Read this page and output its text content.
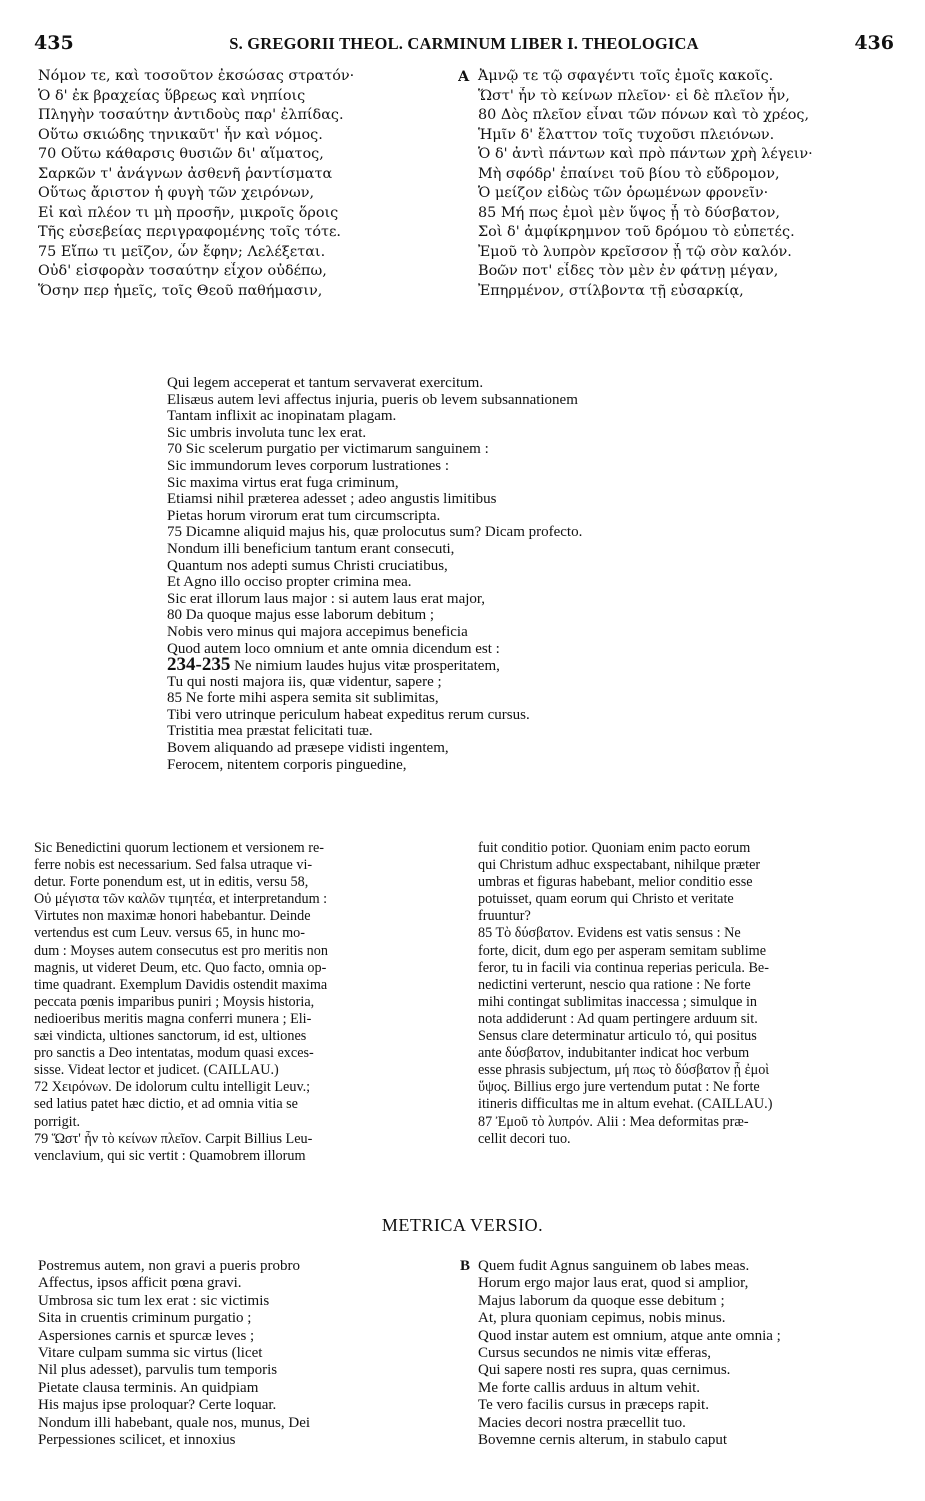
435	S. GREGORII THEOL. CARMINUM LIBER I. THEOLOGICA	436
Νόμον τε, καὶ τοσοῦτον ἐκσώσας στρατόν·
Ὁ δ' ἐκ βραχείας ὕβρεως καὶ νηπίοις
Πληγὴν τοσαύτην ἀντιδοὺς παρ' ἐλπίδας.
Οὕτω σκιώδης τηνικαῦτ' ἦν καὶ νόμος.
70 Οὕτω κάθαρσις θυσιῶν δι' αἵματος,
Σαρκῶν τ' ἀνάγνων ἀσθενῆ ῥαντίσματα
Οὕτως ἄριστον ἡ φυγὴ τῶν χειρόνων,
Εἰ καὶ πλέον τι μὴ προσῆν, μικροῖς ὅροις
Τῆς εὐσεβείας περιγραφομένης τοῖς τότε.
75 Εἴπω τι μεῖζον, ὧν ἔφην; Λελέξεται.
Οὐδ' εἰσφορὰν τοσαύτην εἶχον οὐδέπω,
Ὅσην περ ἡμεῖς, τοῖς Θεοῦ παθήμασιν,
A Ἀμνῷ τε τῷ σφαγέντι τοῖς ἐμοῖς κακοῖς.
Ὥστ' ἦν τὸ κείνων πλεῖον· εἰ δὲ πλεῖον ἦν,
80 Δὸς πλεῖον εἶναι τῶν πόνων καὶ τὸ χρέος,
Ἡμῖν δ' ἔλαττον τοῖς τυχοῦσι πλειόνων.
Ὁ δ' ἀντὶ πάντων καὶ πρὸ πάντων χρὴ λέγειν·
Μὴ σφόδρ' ἐπαίνει τοῦ βίου τὸ εὔδρομον,
Ὁ μείζον εἰδὼς τῶν ὁρωμένων φρονεῖν·
85 Μή πως ἐμοὶ μὲν ὕψος ᾖ τὸ δύσβατον,
Σοὶ δ' ἀμφίκρημνον τοῦ δρόμου τὸ εὐπετές.
Ἐμοῦ τὸ λυπρὸν κρεῖσσον ᾖ τῷ σὸν καλόν.
Βοῶν ποτ' εἶδες τὸν μὲν ἐν φάτνῃ μέγαν,
Ἐπηρμένον, στίλβοντα τῇ εὐσαρκίᾳ,
Qui legem acceperat et tantum servaverat exercitum.
Elisæus autem levi affectus injuria, pueris ob levem subsannationem
Tantam inflixit ac inopinatam plagam.
Sic umbris involuta tunc lex erat.
70 Sic scelerum purgatio per victimarum sanguinem :
Sic immundorum leves corporum lustrationes :
Sic maxima virtus erat fuga criminum,
Etiamsi nihil præterea adesset ; adeo angustis limitibus
Pietas horum virorum erat tum circumscripta.
75 Dicamne aliquid majus his, quæ prolocutus sum? Dicam profecto.
Nondum illi beneficium tantum erant consecuti,
Quantum nos adepti sumus Christi cruciatibus,
Et Agno illo occiso propter crimina mea.
Sic erat illorum laus major : si autem laus erat major,
80 Da quoque majus esse laborum debitum ;
Nobis vero minus qui majora accepimus beneficia
Quod autem loco omnium et ante omnia dicendum est :
234-235 Ne nimium laudes hujus vitæ prosperitatem,
Tu qui nosti majora iis, quæ videntur, sapere ;
85 Ne forte mihi aspera semita sit sublimitas,
Tibi vero utrinque periculum habeat expeditus rerum cursus.
Tristitia mea præstat felicitati tuæ.
Bovem aliquando ad præsepe vidisti ingentem,
Ferocem, nitentem corporis pinguedine,
Sic Benedictini quorum lectionem et versionem re-
ferre nobis est necessarium. Sed falsa utraque vi-
detur. Forte ponendum est, ut in editis, versu 58,
Οὐ μέγιστα τῶν καλῶν τιμητέα, et interpretandum :
Virtutes non maximæ honori habebantur. Deinde
vertendus est cum Leuv. versus 65, in hunc mo-
dum : Moyses autem consecutus est pro meritis non
magnis, ut videret Deum, etc. Quo facto, omnia op-
time quadrant. Exemplum Davidis ostendit maxima
peccata pœnis imparibus puniri ; Moysis historia,
nedioeribus meritis magna conferri munera ; Eli-
sæi vindicta, ultiones sanctorum, id est, ultiones
pro sanctis a Deo intentatas, modum quasi exces-
sisse. Videat lector et judicet. (CAILLAU.)
72 Χειρόνων. De idolorum cultu intelligit Leuv.;
sed latius patet hæc dictio, et ad omnia vitia se
porrigit.
79 Ὥστ' ἦν τὸ κείνων πλεῖον. Carpit Billius Leu-
venclavium, qui sic vertit : Quamobrem illorum
fuit conditio potior. Quoniam enim pacto eorum
qui Christum adhuc exspectabant, nihilque præter
umbras et figuras habebant, melior conditio esse
potuisset, quam eorum qui Christo et veritate
fruuntur?
85 Τὸ δύσβατον. Evidens est vatis sensus : Ne
forte, dicit, dum ego per asperam semitam sublime
feror, tu in facili via continua reperias pericula. Be-
nedictini verterunt, nescio qua ratione : Ne forte
mihi contingat sublimitas inaccessa ; simulque in
nota addiderunt : Ad quam pertingere arduum sit.
Sensus clare determinatur articulo τό, qui positus
ante δύσβατον, indubitanter indicat hoc verbum
esse phrasis subjectum, μή πως τὸ δύσβατον ᾖ ἐμοὶ
ὕψος. Billius ergo jure vertendum putat : Ne forte
itineris difficultas me in altum evehat. (CAILLAU.)
87 Ἐμοῦ τὸ λυπρόν. Alii : Mea deformitas præ-
cellit decori tuo.
METRICA VERSIO.
Postremus autem, non gravi a pueris probro
Affectus, ipsos afficit pœna gravi.
Umbrosa sic tum lex erat : sic victimis
Sita in cruentis criminum purgatio ;
Aspersiones carnis et spurcæ leves ;
Vitare culpam summa sic virtus (licet
Nil plus adesset), parvulis tum temporis
Pietate clausa terminis. An quidpiam
His majus ipse proloquar? Certe loquar.
Nondum illi habebant, quale nos, munus, Dei
Perpessiones scilicet, et innoxius
B Quem fudit Agnus sanguinem ob labes meas.
Horum ergo major laus erat, quod si amplior,
Majus laborum da quoque esse debitum ;
At, plura quoniam cepimus, nobis minus.
Quod instar autem est omnium, atque ante omnia ;
Cursus secundos ne nimis vitæ efferas,
Qui sapere nosti res supra, quas cernimus.
Me forte callis arduus in altum vehit.
Te vero facilis cursus in præceps rapit.
Macies decori nostra præcellit tuo.
Bovemne cernis alterum, in stabulo caput
